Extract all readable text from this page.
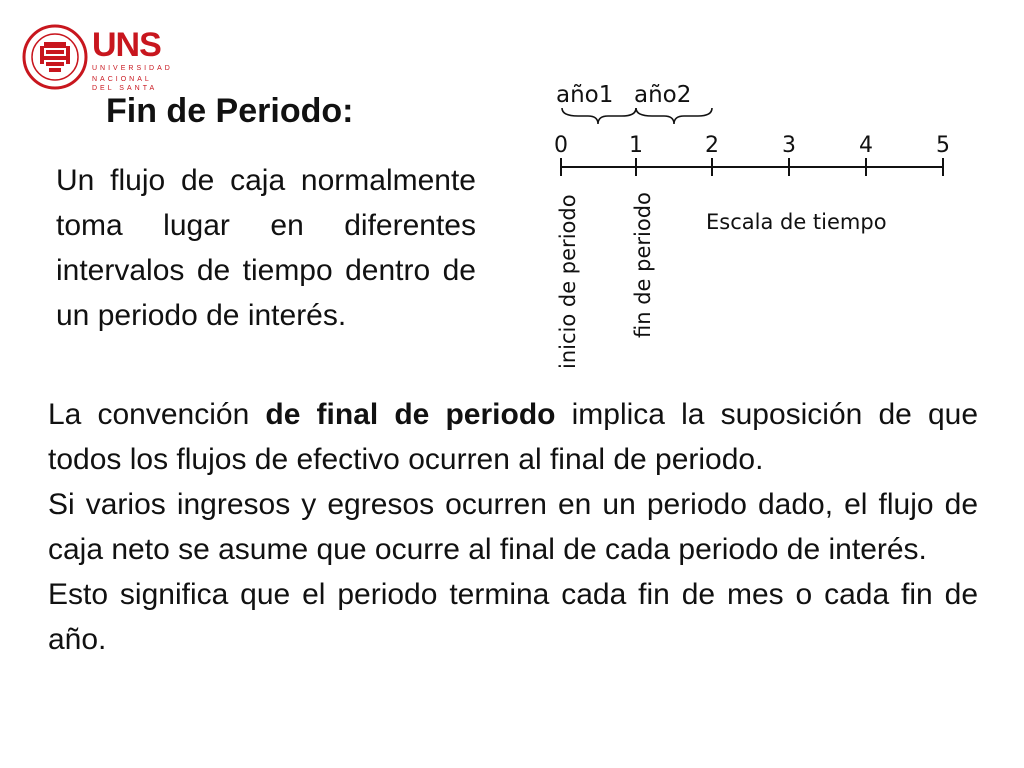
UNS
UNIVERSIDAD
NACIONAL DEL SANTA
Fin de Periodo:

Un flujo de caja normalmente toma lugar en diferentes intervalos de tiempo dentro de un periodo de interés.

año1 año2
0	1	2	3	4	5
Escala de tiempo
inicio de periodo fin de periodo

La convención de final de periodo implica la suposición de que todos los flujos de efectivo ocurren al final de periodo.

Si varios ingresos y egresos ocurren en un periodo dado, el flujo de caja neto se asume que ocurre al final de cada periodo de interés.

Esto significa que el periodo termina cada fin de mes o cada fin de año.
